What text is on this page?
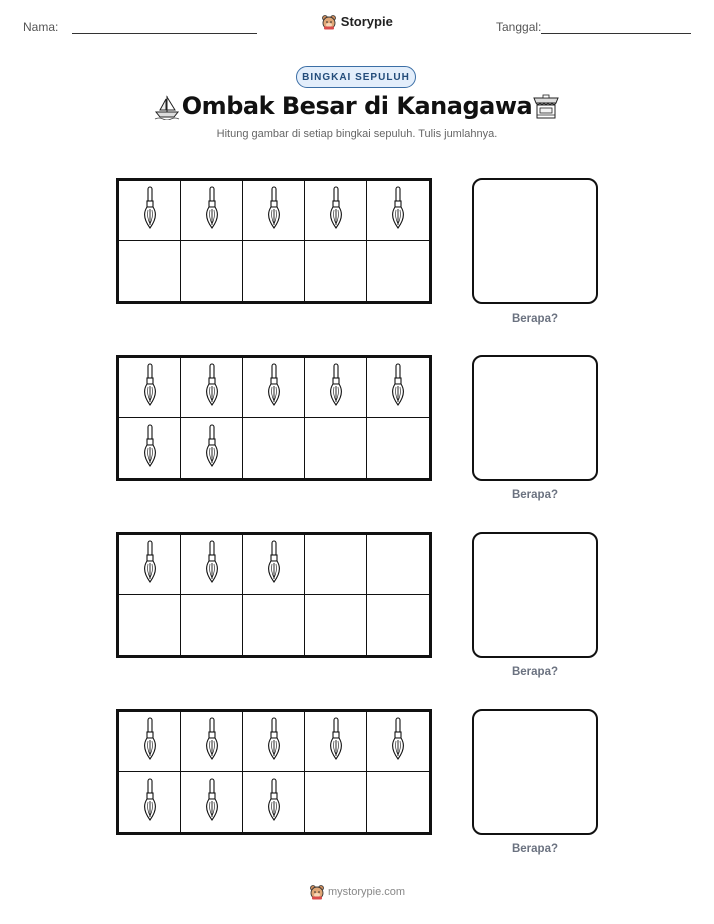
Nama:	Storypie	Tanggal:
BINGKAI SEPULUH
Ombak Besar di Kanagawa
Hitung gambar di setiap bingkai sepuluh. Tulis jumlahnya.
Berapa?
Berapa?
Berapa?
Berapa?
mystorypie.com
